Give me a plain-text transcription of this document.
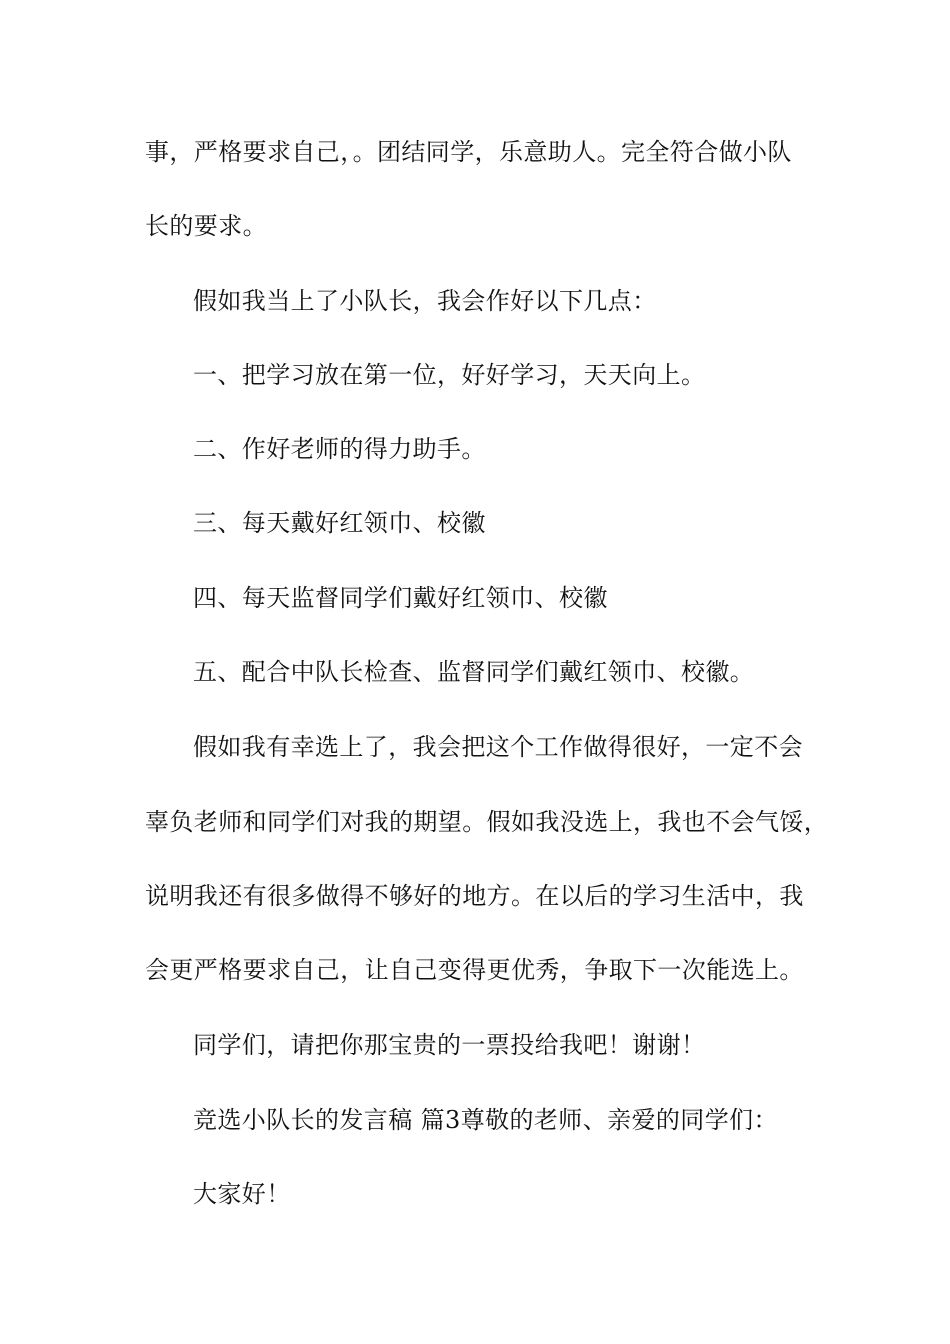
事，严格要求自己，。团结同学，乐意助人。完全符合做小队

长的要求。

假如我当上了小队长，我会作好以下几点：

一、把学习放在第一位，好好学习，天天向上。

二、作好老师的得力助手。

三、每天戴好红领巾、校徽

四、每天监督同学们戴好红领巾、校徽

五、配合中队长检查、监督同学们戴红领巾、校徽。

假如我有幸选上了，我会把这个工作做得很好，一定不会

辜负老师和同学们对我的期望。假如我没选上，我也不会气馁，

说明我还有很多做得不够好的地方。在以后的学习生活中，我

会更严格要求自己，让自己变得更优秀，争取下一次能选上。

同学们，请把你那宝贵的一票投给我吧！谢谢！

竞选小队长的发言稿 篇3尊敬的老师、亲爱的同学们：

大家好！
